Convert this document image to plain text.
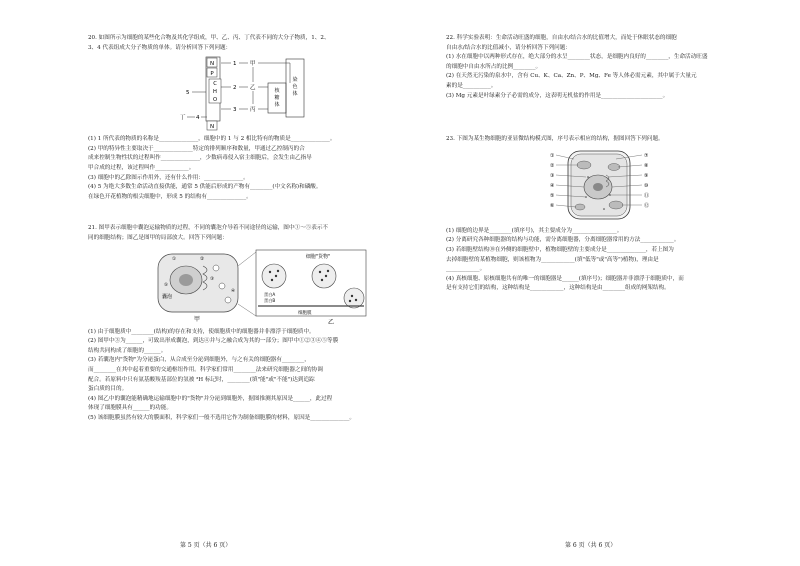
20. 如图所示为细胞的某些化合物及其化学组成，甲、乙、丙、丁代表不同的大分子物质，1、2、
3、4 代表组成大分子物质的单体。请分析回答下列问题：
N
P
C
H
O
N
5
丁 4
1 甲
2 乙
3 丙
核糖体
染色体
(1) 1 所代表的物质的名称是______________，细胞中的 1 与 2 相比特有的物质是______________。
(2) 甲的特异性主要取决于______________特定的排列顺序和数量，甲通过乙控制丙的合
成来控制生物性状的过程叫作______________，少数病毒侵入宿主细胞后，会发生由乙指导
甲合成的过程，该过程叫作____________。
(3) 细胞中的乙除图示作用外，还有什么作用：______________。
(4) 5 为绝大多数生命活动直接供能，通常 5 供能后形成的产物有________(中文名称)和磷酸。
在绿色开花植物的根尖细胞中，形成 5 的结构有______________。
21. 图甲表示细胞中囊泡运输物质的过程，不同的囊泡介导着不同途径的运输，图中①～⑤表示不
同的细胞结构；图乙是图甲的局部放大。回答下列问题：
囊泡
甲
①	②
③
④
⑤
细胞"货物"
蛋白A
蛋白B
细胞膜
乙
(1) 由于细胞质中________(结构)的存在和支持，使细胞质中的细胞器并非漂浮于细胞质中。
(2) 图甲中③为______，可致出形成囊泡，到达④并与之融合成为其的一部分；图甲中①②③④⑤等膜
结构共同构成了细胞的______。
(3) 若囊泡内"货物"为分泌蛋白，从合成至分泌到细胞外，与之有关的细胞器有________，
而________在其中起着重要的交通枢纽作用。科学家们常用________法来研究细胞器之间的协调
配合。若原料中只有氨基酸羧基部位的氢被 ³H 标记时，________(填"能"或"不能")达到追踪
蛋白质的目的。
(4) 图乙中的囊泡能精确地运输细胞中的"货物"并分泌到细胞外，据图推测其原因是______，此过程
体现了细胞膜具有______的功能。
(5) 该细胞膜虽然有较大的膜面积，科学家们一般不选用它作为制备细胞膜的材料，原因是______________。
第 5 页（共 6 页）
22. 科学实验表明：生命活动旺盛的细胞，自由水/结合水的比值增大，而处于休眠状态的细胞
自由水/结合水的比值减小，请分析回答下列问题：
(1) 水在细胞中以两种形式存在，绝大部分的水呈________状态，是细胞内良好的________，生命活动旺盛
的细胞中自由水所占的比例________。
(2) 在天然无污染的泉水中，含有 Cu、K、Ca、Zn、P、Mg、Fe 等人体必需元素，其中属于大量元
素的是__________。
(3) Mg 元素是叶绿素分子必需的成分，这表明无机盐的作用是______________________。
23. 下图为某生物细胞的亚显微结构模式图，序号表示相应的结构，据图回答下列问题。
①
②
③
④
⑤
⑥
⑦
⑧
⑨
⑩
⑪
⑫
(1) 细胞的边界是________(填序号)，其主要成分为________________。
(2) 分离研究各种细胞器的结构与功能，需分离细胞器，分离细胞器常用的方法____________。
(3) 若细胞壁结构⑩在外侧的细胞壁中，植物细胞壁的主要成分是______________，若上图为
去掉细胞壁的某植物细胞，则该植物为____________(填"低等"或"高等")植物)，理由是
____________。
(4) 真核细胞、原核细胞共有的唯一的细胞器是______(填序号)；细胞器并非漂浮于细胞质中，而
是有支持它们的结构，这种结构是____________，这种结构是由________组成的网架结构。
第 6 页（共 6 页）
